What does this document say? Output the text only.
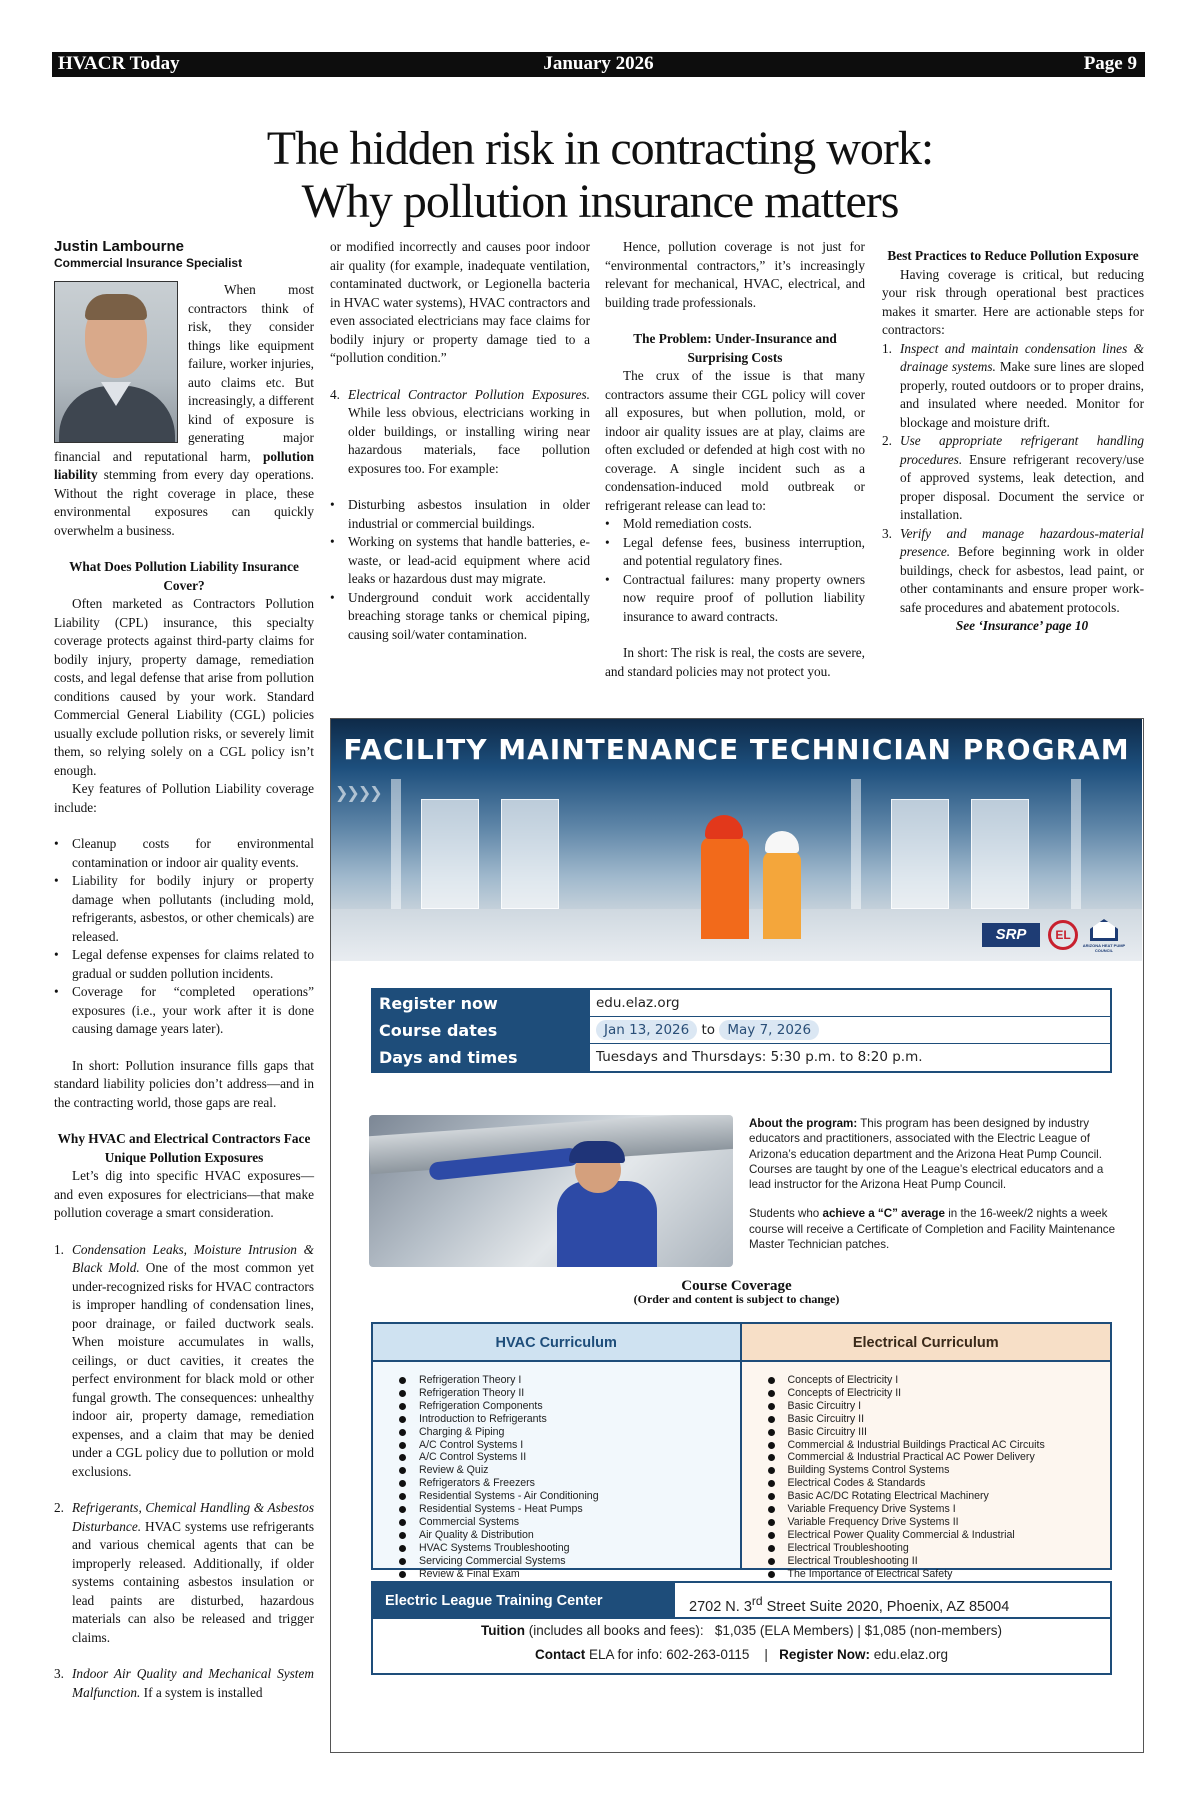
January 2026
HVACR Today	Page 9
The hidden risk in contracting work:
Why pollution insurance matters
Justin Lambourne
Commercial Insurance Specialist

When most contractors think of risk, they consider things like equipment failure, worker injuries, auto claims etc. But increasingly, a different kind of exposure is generating major financial and reputational harm, pollution liability stemming from every day operations. Without the right coverage in place, these environmental exposures can quickly overwhelm a business.

What Does Pollution Liability Insurance Cover?

Often marketed as Contractors Pollution Liability (CPL) insurance, this specialty coverage protects against third-party claims for bodily injury, property damage, remediation costs, and legal defense that arise from pollution conditions caused by your work. Standard Commercial General Liability (CGL) policies usually exclude pollution risks, or severely limit them, so relying solely on a CGL policy isn’t enough.

Key features of Pollution Liability coverage include:

• Cleanup costs for environmental contamination or indoor air quality events.
• Liability for bodily injury or property damage when pollutants (including mold, refrigerants, asbestos, or other chemicals) are released.
• Legal defense expenses for claims related to gradual or sudden pollution incidents.
• Coverage for “completed operations” exposures (i.e., your work after it is done causing damage years later).

In short: Pollution insurance fills gaps that standard liability policies don’t address—and in the contracting world, those gaps are real.

Why HVAC and Electrical Contractors Face Unique Pollution Exposures

Let’s dig into specific HVAC exposures—and even exposures for electricians—that make pollution coverage a smart consideration.

1. Condensation Leaks, Moisture Intrusion & Black Mold. One of the most common yet under-recognized risks for HVAC contractors is improper handling of condensation lines, poor drainage, or failed ductwork seals. When moisture accumulates in walls, ceilings, or duct cavities, it creates the perfect environment for black mold or other fungal growth. The consequences: unhealthy indoor air, property damage, remediation expenses, and a claim that may be denied under a CGL policy due to pollution or mold exclusions.
2. Refrigerants, Chemical Handling & Asbestos Disturbance. HVAC systems use refrigerants and various chemical agents that can be improperly released. Additionally, if older systems containing asbestos insulation or lead paints are disturbed, hazardous materials can also be released and trigger claims.
3. Indoor Air Quality and Mechanical System Malfunction. If a system is installed

or modified incorrectly and causes poor indoor air quality (for example, inadequate ventilation, contaminated ductwork, or Legionella bacteria in HVAC water systems), HVAC contractors and even associated electricians may face claims for bodily injury or property damage tied to a “pollution condition.”

4. Electrical Contractor Pollution Exposures. While less obvious, electricians working in older buildings, or installing wiring near hazardous materials, face pollution exposures too. For example:
• Disturbing asbestos insulation in older industrial or commercial buildings.
• Working on systems that handle batteries, e-waste, or lead-acid equipment where acid leaks or hazardous dust may migrate.
• Underground conduit work accidentally breaching storage tanks or chemical piping, causing soil/water contamination.

Hence, pollution coverage is not just for “environmental contractors,” it’s increasingly relevant for mechanical, HVAC, electrical, and building trade professionals.

The Problem: Under-Insurance and Surprising Costs

The crux of the issue is that many contractors assume their CGL policy will cover all exposures, but when pollution, mold, or indoor air quality issues are at play, claims are often excluded or defended at high cost with no coverage. A single incident such as a condensation-induced mold outbreak or refrigerant release can lead to:

• Mold remediation costs.
• Legal defense fees, business interruption, and potential regulatory fines.
• Contractual failures: many property owners now require proof of pollution liability insurance to award contracts.

In short: The risk is real, the costs are severe, and standard policies may not protect you.

Best Practices to Reduce Pollution Exposure

Having coverage is critical, but reducing your risk through operational best practices makes it smarter. Here are actionable steps for contractors:

1. Inspect and maintain condensation lines & drainage systems. Make sure lines are sloped properly, routed outdoors or to proper drains, and insulated where needed. Monitor for blockage and moisture drift.
2. Use appropriate refrigerant handling procedures. Ensure refrigerant recovery/use of approved systems, leak detection, and proper disposal. Document the service or installation.
3. Verify and manage hazardous-material presence. Before beginning work in older buildings, check for asbestos, lead paint, or other contaminants and ensure proper work-safe procedures and abatement protocols.

See ‘Insurance’ page 10

❯❯❯❯
FACILITY MAINTENANCE TECHNICIAN PROGRAM
SRP	EL
ARIZONA HEAT PUMP COUNCIL
Register now	edu.elaz.org
Course dates	Jan 13, 2026 to May 7, 2026
Days and times	Tuesdays and Thursdays: 5:30 p.m. to 8:20 p.m.

About the program: This program has been designed by industry educators and practitioners, associated with the Electric League of Arizona’s education department and the Arizona Heat Pump Council. Courses are taught by one of the League’s electrical educators and a lead instructor for the Arizona Heat Pump Council.

Students who achieve a “C” average in the 16-week/2 nights a week course will receive a Certificate of Completion and Facility Maintenance Master Technician patches.

Course Coverage
(Order and content is subject to change)
HVAC Curriculum
Refrigeration Theory I
Refrigeration Theory II
Refrigeration Components
Introduction to Refrigerants
Charging & Piping
A/C Control Systems I
A/C Control Systems II
Review & Quiz
Refrigerators & Freezers
Residential Systems - Air Conditioning
Residential Systems - Heat Pumps
Commercial Systems
Air Quality & Distribution
HVAC Systems Troubleshooting
Servicing Commercial Systems
Review & Final Exam
Electrical Curriculum
Concepts of Electricity I
Concepts of Electricity II
Basic Circuitry I
Basic Circuitry II
Basic Circuitry III
Commercial & Industrial Buildings Practical AC Circuits
Commercial & Industrial Practical AC Power Delivery
Building Systems Control Systems
Electrical Codes & Standards
Basic AC/DC Rotating Electrical Machinery
Variable Frequency Drive Systems I
Variable Frequency Drive Systems II
Electrical Power Quality Commercial & Industrial
Electrical Troubleshooting
Electrical Troubleshooting II
The Importance of Electrical Safety
Electric League Training Center	2702 N. 3rd Street Suite 2020, Phoenix, AZ 85004
Tuition (includes all books and fees): $1,035 (ELA Members) | $1,085 (non-members)
Contact ELA for info: 602-263-0115 | Register Now: edu.elaz.org
